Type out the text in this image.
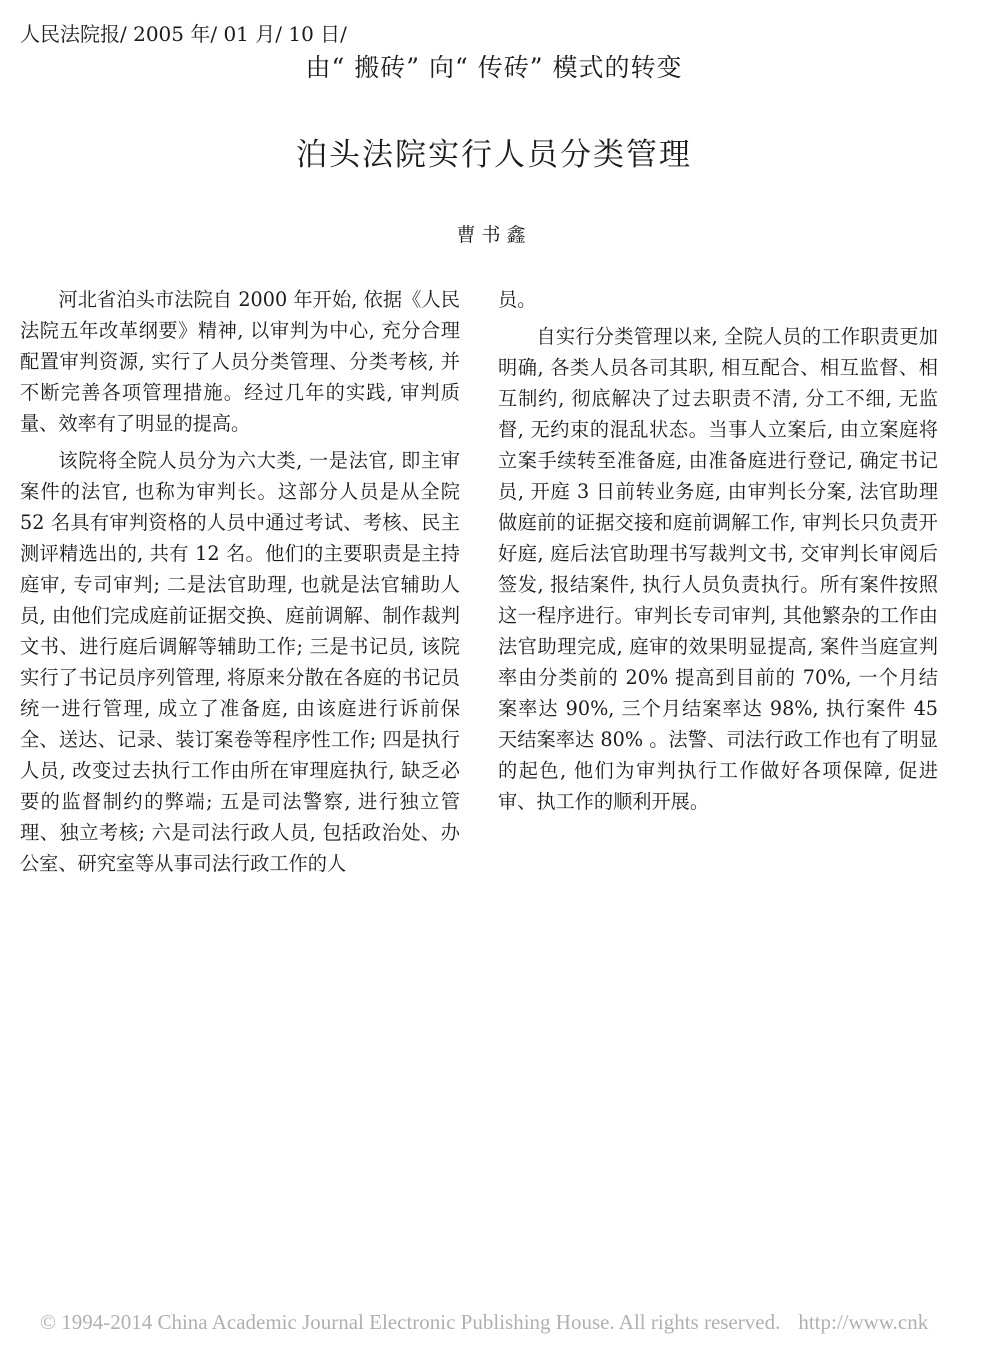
人民法院报/ 2005 年/ 01 月/ 10 日/
由“ 搬砖” 向“ 传砖” 模式的转变
泊头法院实行人员分类管理
曹书鑫

河北省泊头市法院自 2000 年开始, 依据《人民法院五年改革纲要》精神, 以审判为中心, 充分合理配置审判资源, 实行了人员分类管理、分类考核, 并不断完善各项管理措施。经过几年的实践, 审判质量、效率有了明显的提高。

该院将全院人员分为六大类, 一是法官, 即主审案件的法官, 也称为审判长。这部分人员是从全院 52 名具有审判资格的人员中通过考试、考核、民主测评精选出的, 共有 12 名。他们的主要职责是主持庭审, 专司审判; 二是法官助理, 也就是法官辅助人员, 由他们完成庭前证据交换、庭前调解、制作裁判文书、进行庭后调解等辅助工作; 三是书记员, 该院实行了书记员序列管理, 将原来分散在各庭的书记员统一进行管理, 成立了准备庭, 由该庭进行诉前保全、送达、记录、装订案卷等程序性工作; 四是执行人员, 改变过去执行工作由所在审理庭执行, 缺乏必要的监督制约的弊端; 五是司法警察, 进行独立管理、独立考核; 六是司法行政人员, 包括政治处、办公室、研究室等从事司法行政工作的人

员。

自实行分类管理以来, 全院人员的工作职责更加明确, 各类人员各司其职, 相互配合、相互监督、相互制约, 彻底解决了过去职责不清, 分工不细, 无监督, 无约束的混乱状态。当事人立案后, 由立案庭将立案手续转至准备庭, 由准备庭进行登记, 确定书记员, 开庭 3 日前转业务庭, 由审判长分案, 法官助理做庭前的证据交接和庭前调解工作, 审判长只负责开好庭, 庭后法官助理书写裁判文书, 交审判长审阅后签发, 报结案件, 执行人员负责执行。所有案件按照这一程序进行。审判长专司审判, 其他繁杂的工作由法官助理完成, 庭审的效果明显提高, 案件当庭宣判率由分类前的 20% 提高到目前的 70%, 一个月结案率达 90%, 三个月结案率达 98%, 执行案件 45 天结案率达 80% 。法警、司法行政工作也有了明显的起色, 他们为审判执行工作做好各项保障, 促进审、执工作的顺利开展。

© 1994-2014 China Academic Journal Electronic Publishing House. All rights reserved. http://www.cnk
